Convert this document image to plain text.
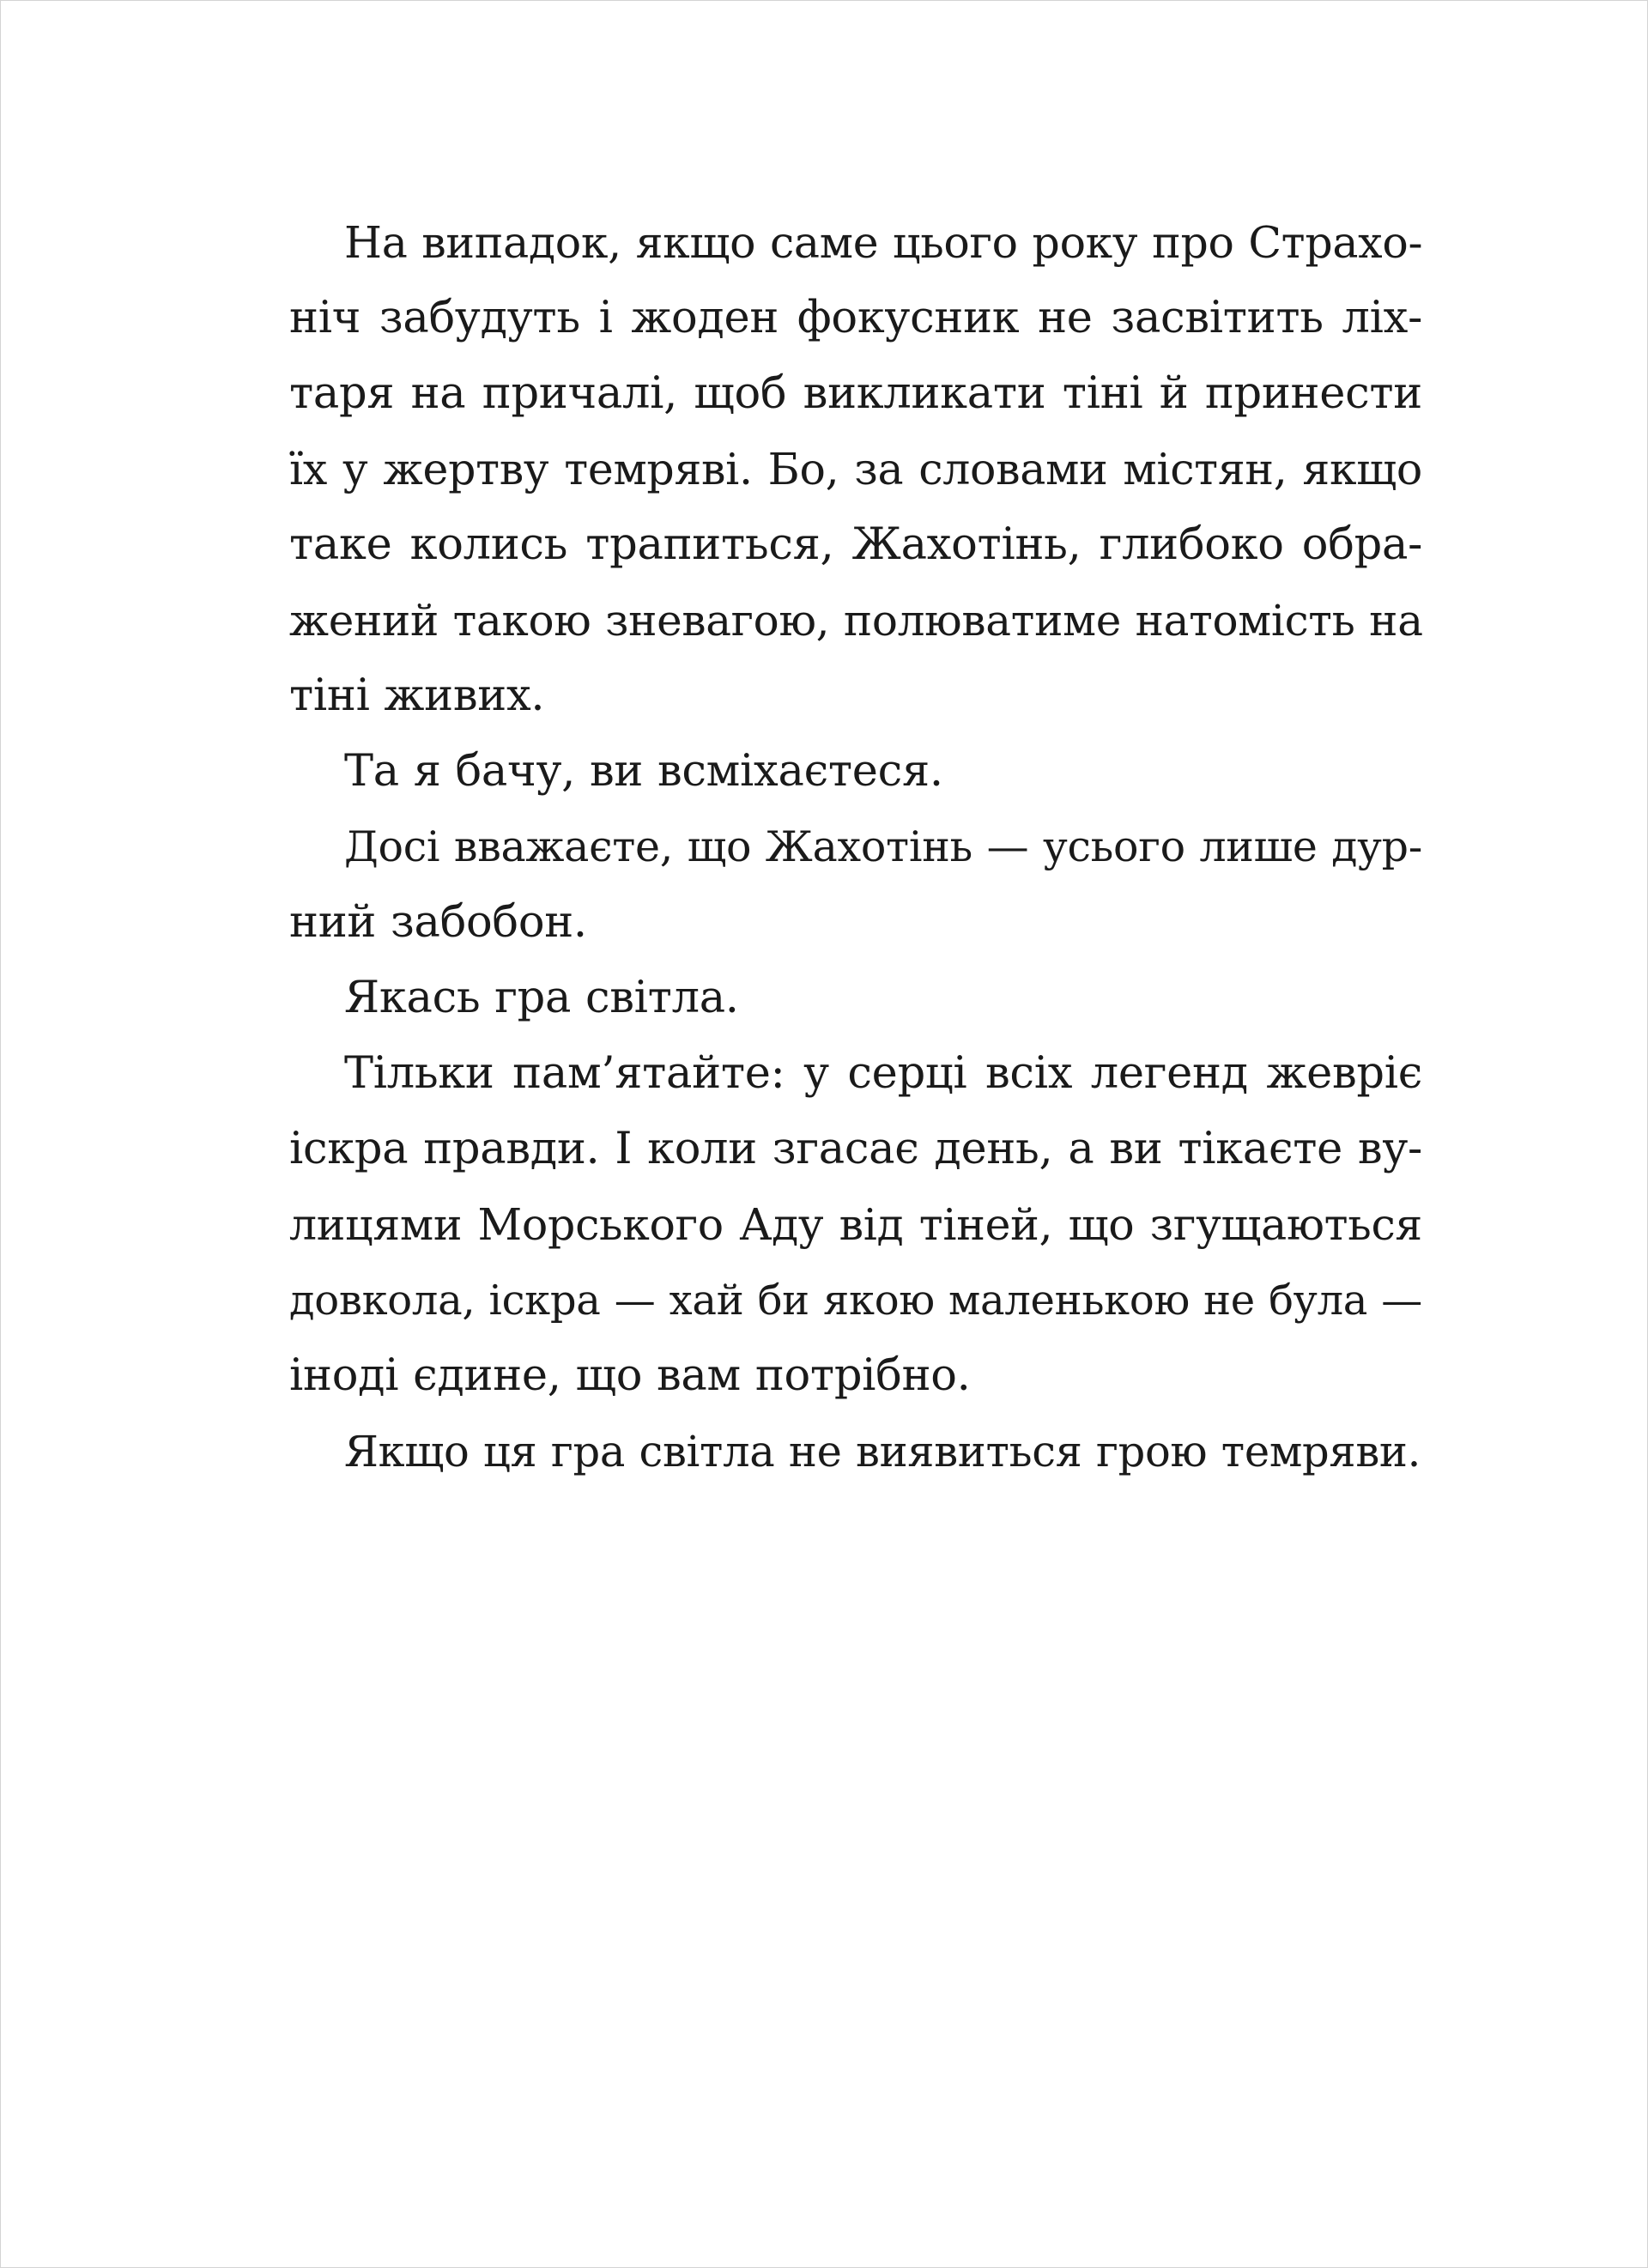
На випадок, якщо саме цього року про Страхо-
ніч забудуть і жоден фокусник не засвітить ліх-
таря на причалі, щоб викликати тіні й принести
їх у жертву темряві. Бо, за словами містян, якщо
таке колись трапиться, Жахотінь, глибоко обра-
жений такою зневагою, полюватиме натомість на
тіні живих.
Та я бачу, ви всміхаєтеся.
Досі вважаєте, що Жахотінь — усього лише дур-
ний забобон.
Якась гра світла.
Тільки пам’ятайте: у серці всіх легенд жевріє
іскра правди. І коли згасає день, а ви тікаєте ву-
лицями Морського Аду від тіней, що згущаються
довкола, іскра — хай би якою маленькою не була —
іноді єдине, що вам потрібно.
Якщо ця гра світла не виявиться грою темряви.
